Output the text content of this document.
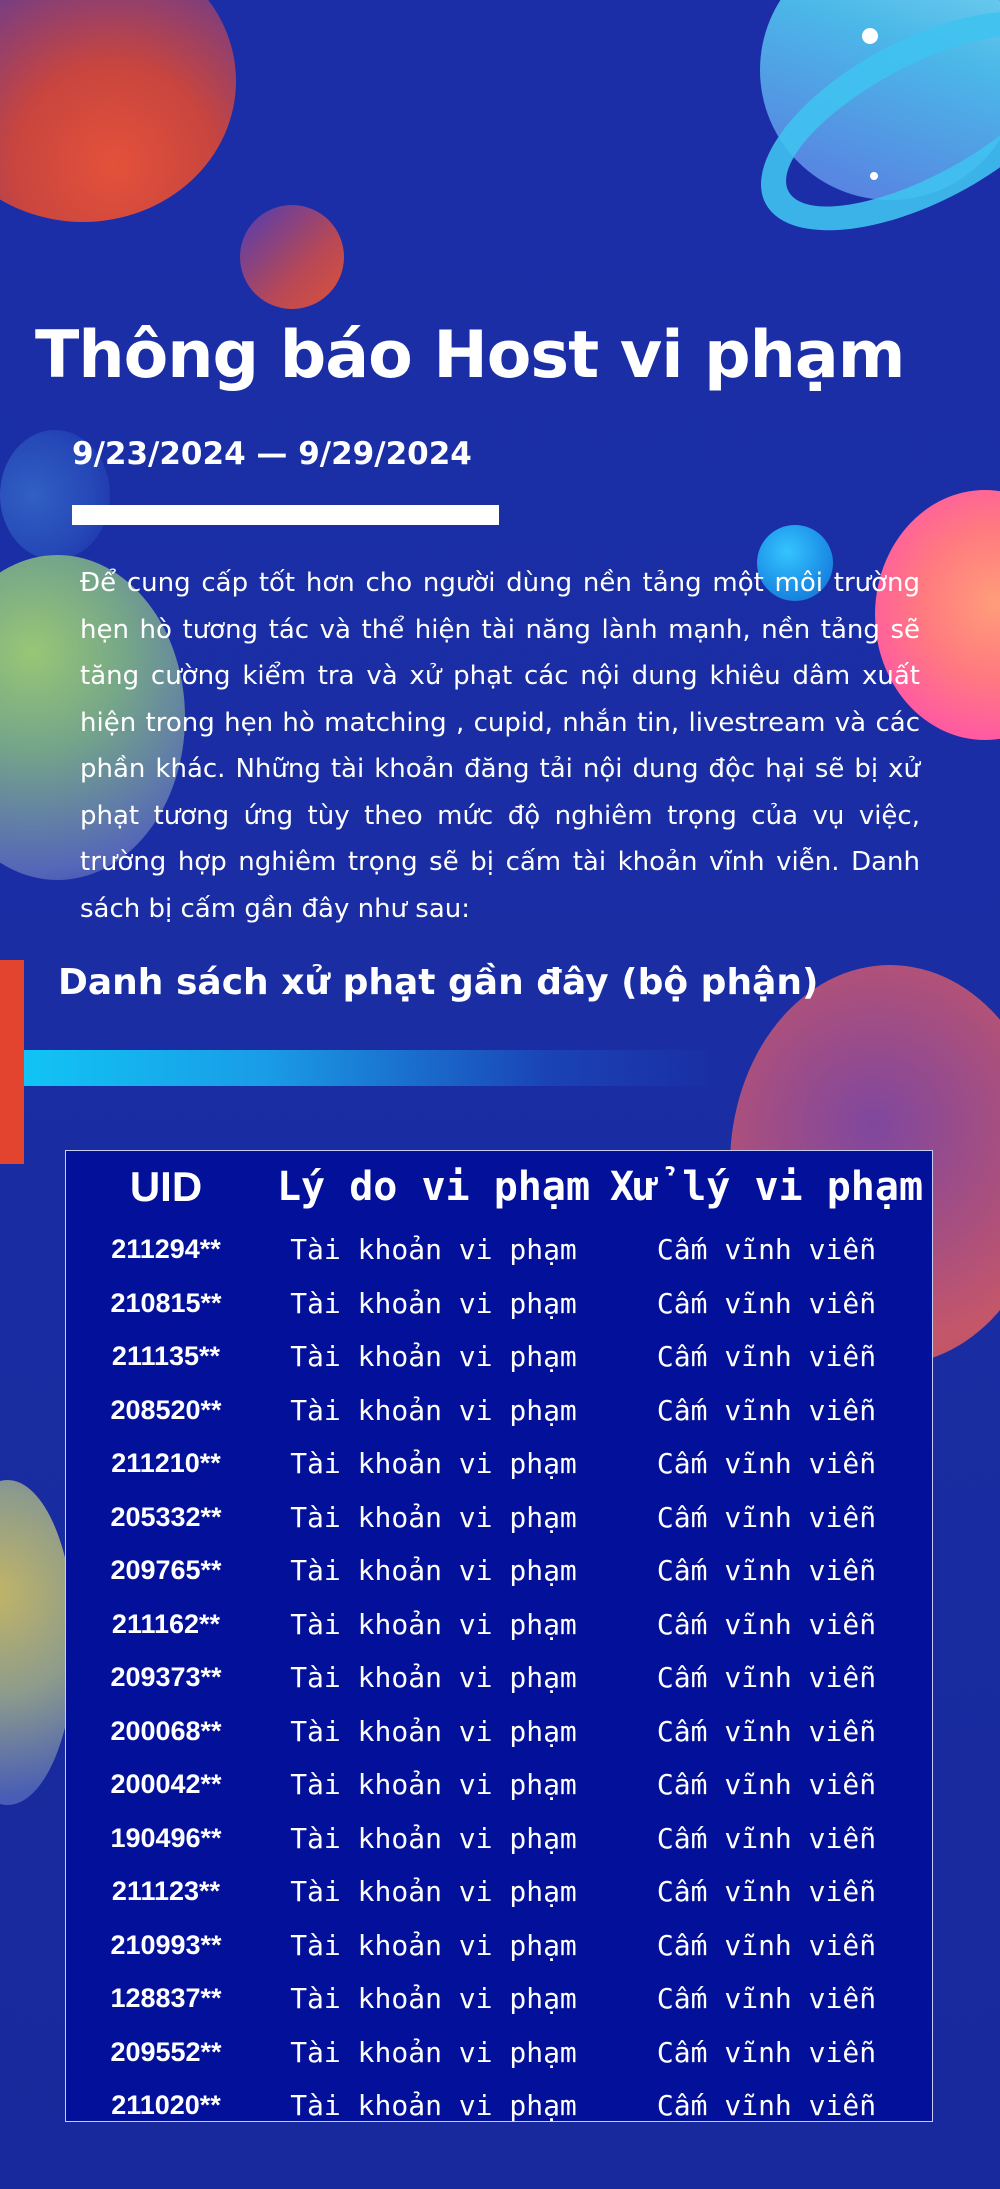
Thông báo Host vi phạm
9/23/2024 — 9/29/2024

Để cung cấp tốt hơn cho người dùng nền tảng một môi trường hẹn hò tương tác và thể hiện tài năng lành mạnh, nền tảng sẽ tăng cường kiểm tra và xử phạt các nội dung khiêu dâm xuất hiện trong hẹn hò matching , cupid, nhắn tin, livestream và các phần khác. Những tài khoản đăng tải nội dung độc hại sẽ bị xử phạt tương ứng tùy theo mức độ nghiêm trọng của vụ việc, trường hợp nghiêm trọng sẽ bị cấm tài khoản vĩnh viễn. Danh sách bị cấm gần đây như sau:

Danh sách xử phạt gần đây (bộ phận)
UID	Lý do vi phạm	Xử lý vi phạm
211294**	Tài khoản vi phạm	Cấm vĩnh viễn
210815**	Tài khoản vi phạm	Cấm vĩnh viễn
211135**	Tài khoản vi phạm	Cấm vĩnh viễn
208520**	Tài khoản vi phạm	Cấm vĩnh viễn
211210**	Tài khoản vi phạm	Cấm vĩnh viễn
205332**	Tài khoản vi phạm	Cấm vĩnh viễn
209765**	Tài khoản vi phạm	Cấm vĩnh viễn
211162**	Tài khoản vi phạm	Cấm vĩnh viễn
209373**	Tài khoản vi phạm	Cấm vĩnh viễn
200068**	Tài khoản vi phạm	Cấm vĩnh viễn
200042**	Tài khoản vi phạm	Cấm vĩnh viễn
190496**	Tài khoản vi phạm	Cấm vĩnh viễn
211123**	Tài khoản vi phạm	Cấm vĩnh viễn
210993**	Tài khoản vi phạm	Cấm vĩnh viễn
128837**	Tài khoản vi phạm	Cấm vĩnh viễn
209552**	Tài khoản vi phạm	Cấm vĩnh viễn
211020**	Tài khoản vi phạm	Cấm vĩnh viễn
